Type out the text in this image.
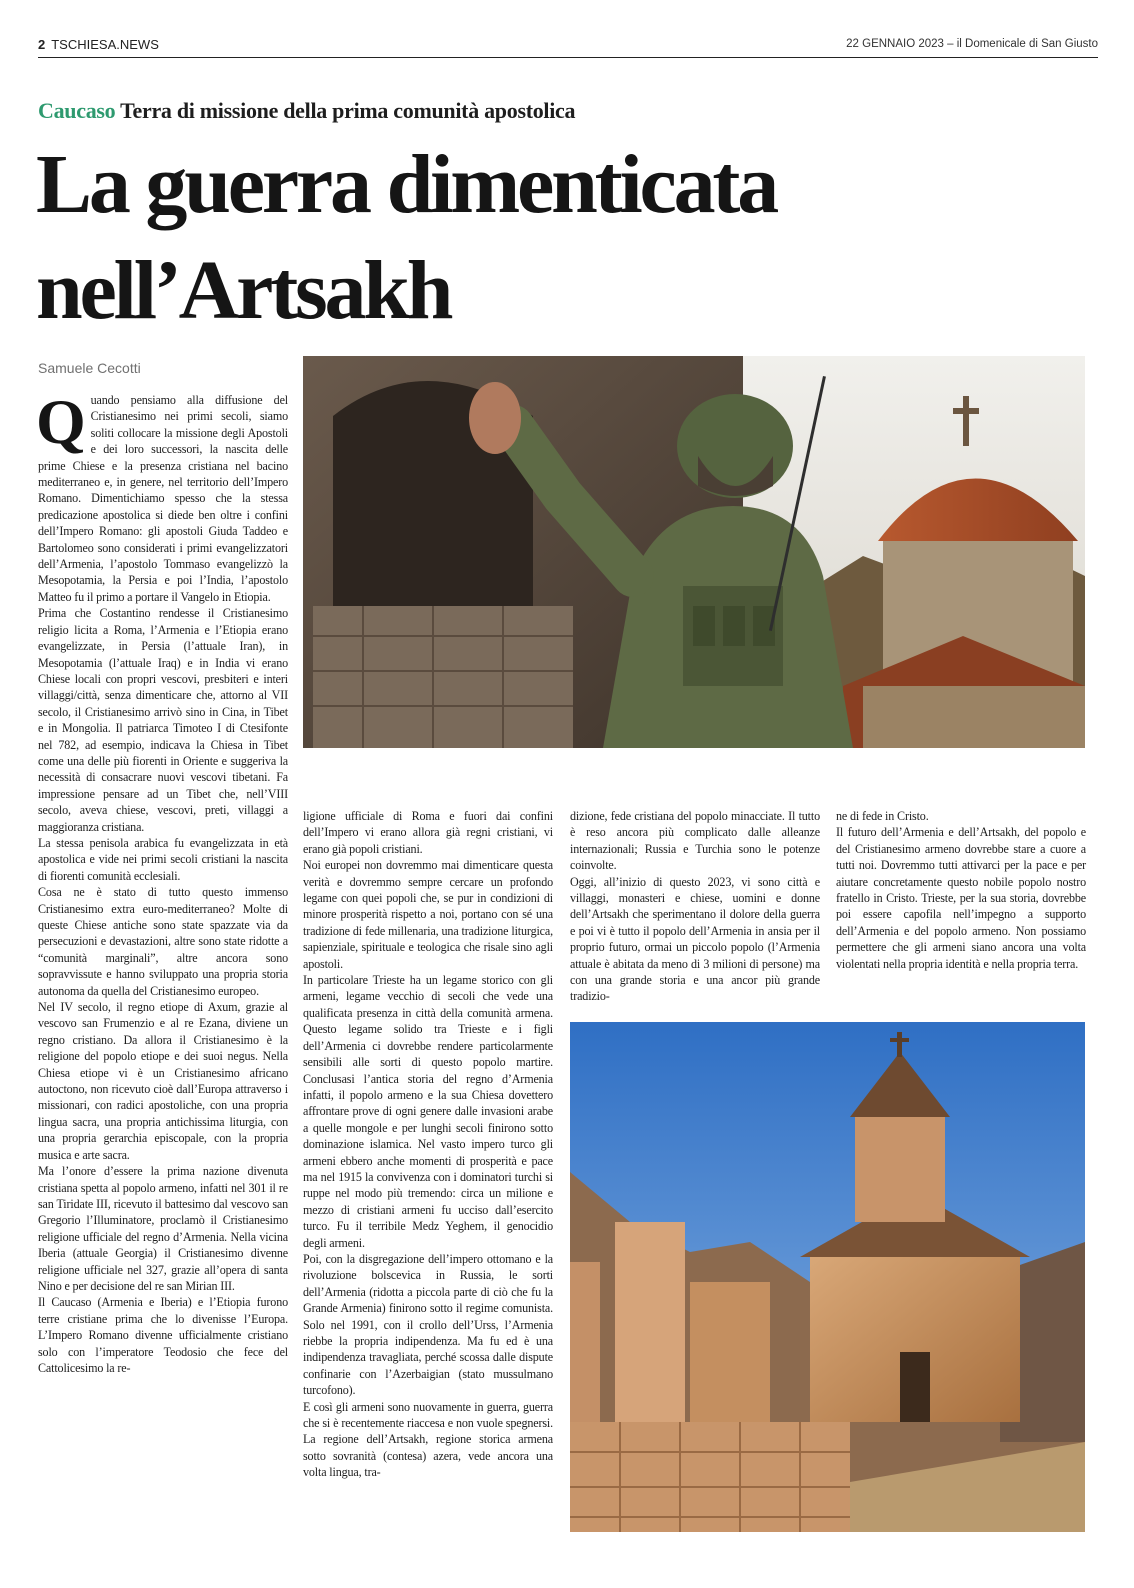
2 TSCHIESA.NEWS	22 GENNAIO 2023 – il Domenicale di San Giusto
Caucaso Terra di missione della prima comunità apostolica
La guerra dimenticata
nell’Artsakh
Samuele Cecotti

Quando pensiamo alla diffusione del Cristianesimo nei primi secoli, siamo soliti collocare la missione degli Apostoli e dei loro successori, la nascita delle prime Chiese e la presenza cristiana nel bacino mediterraneo e, in genere, nel territorio dell’Impero Romano. Dimentichiamo spesso che la stessa predicazione apostolica si diede ben oltre i confini dell’Impero Romano: gli apostoli Giuda Taddeo e Bartolomeo sono considerati i primi evangelizzatori dell’Armenia, l’apostolo Tommaso evangelizzò la Mesopotamia, la Persia e poi l’India, l’apostolo Matteo fu il primo a portare il Vangelo in Etiopia.

Prima che Costantino rendesse il Cristianesimo religio licita a Roma, l’Armenia e l’Etiopia erano evangelizzate, in Persia (l’attuale Iran), in Mesopotamia (l’attuale Iraq) e in India vi erano Chiese locali con propri vescovi, presbiteri e interi villaggi/città, senza dimenticare che, attorno al VII secolo, il Cristianesimo arrivò sino in Cina, in Tibet e in Mongolia. Il patriarca Timoteo I di Ctesifonte nel 782, ad esempio, indicava la Chiesa in Tibet come una delle più fiorenti in Oriente e suggeriva la necessità di consacrare nuovi vescovi tibetani. Fa impressione pensare ad un Tibet che, nell’VIII secolo, aveva chiese, vescovi, preti, villaggi a maggioranza cristiana.

La stessa penisola arabica fu evangelizzata in età apostolica e vide nei primi secoli cristiani la nascita di fiorenti comunità ecclesiali.

Cosa ne è stato di tutto questo immenso Cristianesimo extra euro-mediterraneo? Molte di queste Chiese antiche sono state spazzate via da persecuzioni e devastazioni, altre sono state ridotte a “comunità marginali”, altre ancora sono sopravvissute e hanno sviluppato una propria storia autonoma da quella del Cristianesimo europeo.

Nel IV secolo, il regno etiope di Axum, grazie al vescovo san Frumenzio e al re Ezana, diviene un regno cristiano. Da allora il Cristianesimo è la religione del popolo etiope e dei suoi negus. Nella Chiesa etiope vi è un Cristianesimo africano autoctono, non ricevuto cioè dall’Europa attraverso i missionari, con radici apostoliche, con una propria lingua sacra, una propria antichissima liturgia, con una propria gerarchia episcopale, con la propria musica e arte sacra.

Ma l’onore d’essere la prima nazione divenuta cristiana spetta al popolo armeno, infatti nel 301 il re san Tiridate III, ricevuto il battesimo dal vescovo san Gregorio l’Illuminatore, proclamò il Cristianesimo religione ufficiale del regno d’Armenia. Nella vicina Iberia (attuale Georgia) il Cristianesimo divenne religione ufficiale nel 327, grazie all’opera di santa Nino e per decisione del re san Mirian III.

Il Caucaso (Armenia e Iberia) e l’Etiopia furono terre cristiane prima che lo divenisse l’Europa. L’Impero Romano divenne ufficialmente cristiano solo con l’imperatore Teodosio che fece del Cattolicesimo la re-

ligione ufficiale di Roma e fuori dai confini dell’Impero vi erano allora già regni cristiani, vi erano già popoli cristiani.

Noi europei non dovremmo mai dimenticare questa verità e dovremmo sempre cercare un profondo legame con quei popoli che, se pur in condizioni di minore prosperità rispetto a noi, portano con sé una tradizione di fede millenaria, una tradizione liturgica, sapienziale, spirituale e teologica che risale sino agli apostoli.

In particolare Trieste ha un legame storico con gli armeni, legame vecchio di secoli che vede una qualificata presenza in città della comunità armena. Questo legame solido tra Trieste e i figli dell’Armenia ci dovrebbe rendere particolarmente sensibili alle sorti di questo popolo martire. Conclusasi l’antica storia del regno d’Armenia infatti, il popolo armeno e la sua Chiesa dovettero affrontare prove di ogni genere dalle invasioni arabe a quelle mongole e per lunghi secoli finirono sotto dominazione islamica. Nel vasto impero turco gli armeni ebbero anche momenti di prosperità e pace ma nel 1915 la convivenza con i dominatori turchi si ruppe nel modo più tremendo: circa un milione e mezzo di cristiani armeni fu ucciso dall’esercito turco. Fu il terribile Medz Yeghem, il genocidio degli armeni.

Poi, con la disgregazione dell’impero ottomano e la rivoluzione bolscevica in Russia, le sorti dell’Armenia (ridotta a piccola parte di ciò che fu la Grande Armenia) finirono sotto il regime comunista. Solo nel 1991, con il crollo dell’Urss, l’Armenia riebbe la propria indipendenza. Ma fu ed è una indipendenza travagliata, perché scossa dalle dispute confinarie con l’Azerbaigian (stato mussulmano turcofono).

E così gli armeni sono nuovamente in guerra, guerra che si è recentemente riaccesa e non vuole spegnersi. La regione dell’Artsakh, regione storica armena sotto sovranità (contesa) azera, vede ancora una volta lingua, tra-

dizione, fede cristiana del popolo minacciate. Il tutto è reso ancora più complicato dalle alleanze internazionali; Russia e Turchia sono le potenze coinvolte.

Oggi, all’inizio di questo 2023, vi sono città e villaggi, monasteri e chiese, uomini e donne dell’Artsakh che sperimentano il dolore della guerra e poi vi è tutto il popolo dell’Armenia in ansia per il proprio futuro, ormai un piccolo popolo (l’Armenia attuale è abitata da meno di 3 milioni di persone) ma con una grande storia e una ancor più grande tradizio-

ne di fede in Cristo.

Il futuro dell’Armenia e dell’Artsakh, del popolo e del Cristianesimo armeno dovrebbe stare a cuore a tutti noi. Dovremmo tutti attivarci per la pace e per aiutare concretamente questo nobile popolo nostro fratello in Cristo. Trieste, per la sua storia, dovrebbe poi essere capofila nell’impegno a supporto dell’Armenia e del popolo armeno. Non possiamo permettere che gli armeni siano ancora una volta violentati nella propria identità e nella propria terra.
